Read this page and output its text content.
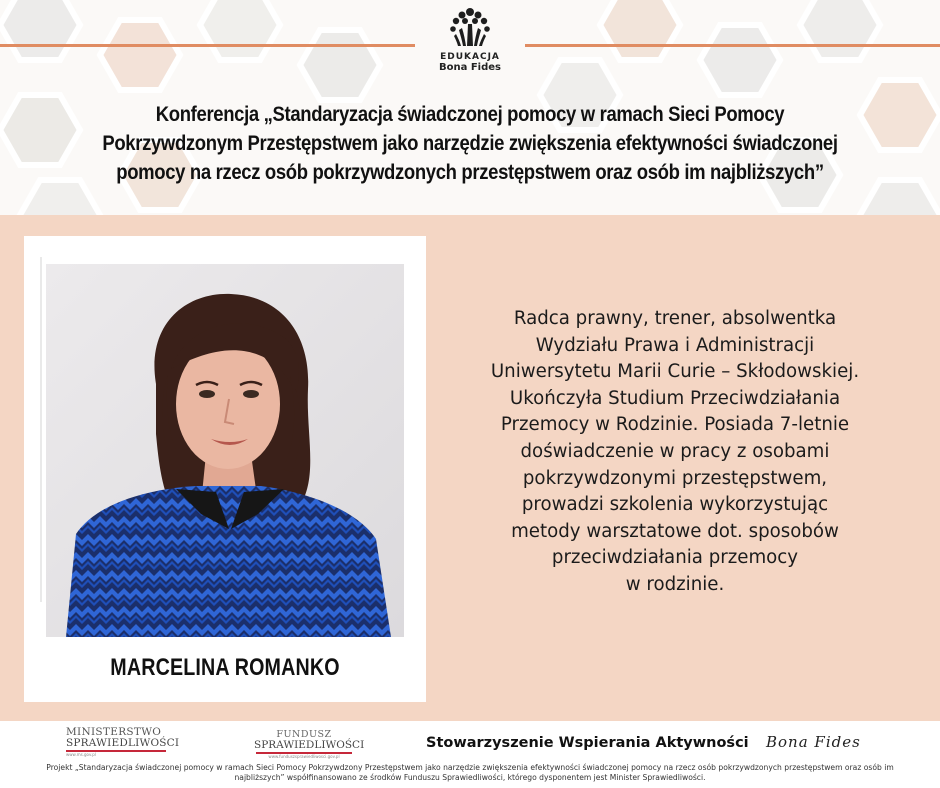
EDUKACJA
Bona Fides
Konferencja „Standaryzacja świadczonej pomocy w ramach Sieci Pomocy Pokrzywdzonym Przestępstwem jako narzędzie zwiększenia efektywności świadczonej pomocy na rzecz osób pokrzywdzonych przestępstwem oraz osób im najbliższych”
MARCELINA ROMANKO
Radca prawny, trener, absolwentka
Wydziału Prawa i Administracji
Uniwersytetu Marii Curie – Skłodowskiej.
Ukończyła Studium Przeciwdziałania
Przemocy w Rodzinie. Posiada 7-letnie
doświadczenie w pracy z osobami
pokrzywdzonymi przestępstwem,
prowadzi szkolenia wykorzystując
metody warsztatowe dot. sposobów
przeciwdziałania przemocy
w rodzinie.
MINISTERSTWO
SPRAWIEDLIWOŚCI
www.ms.gov.pl
FUNDUSZ
SPRAWIEDLIWOŚCI
www.funduszsprawiedliwosci.gov.pl
Stowarzyszenie Wspierania Aktywności Bona Fides
Projekt „Standaryzacja świadczonej pomocy w ramach Sieci Pomocy Pokrzywdzony Przestępstwem jako narzędzie zwiększenia efektywności świadczonej pomocy na rzecz osób pokrzywdzonych przestępstwem oraz osób im najbliższych” współfinansowano ze środków Funduszu Sprawiedliwości, którego dysponentem jest Minister Sprawiedliwości.
